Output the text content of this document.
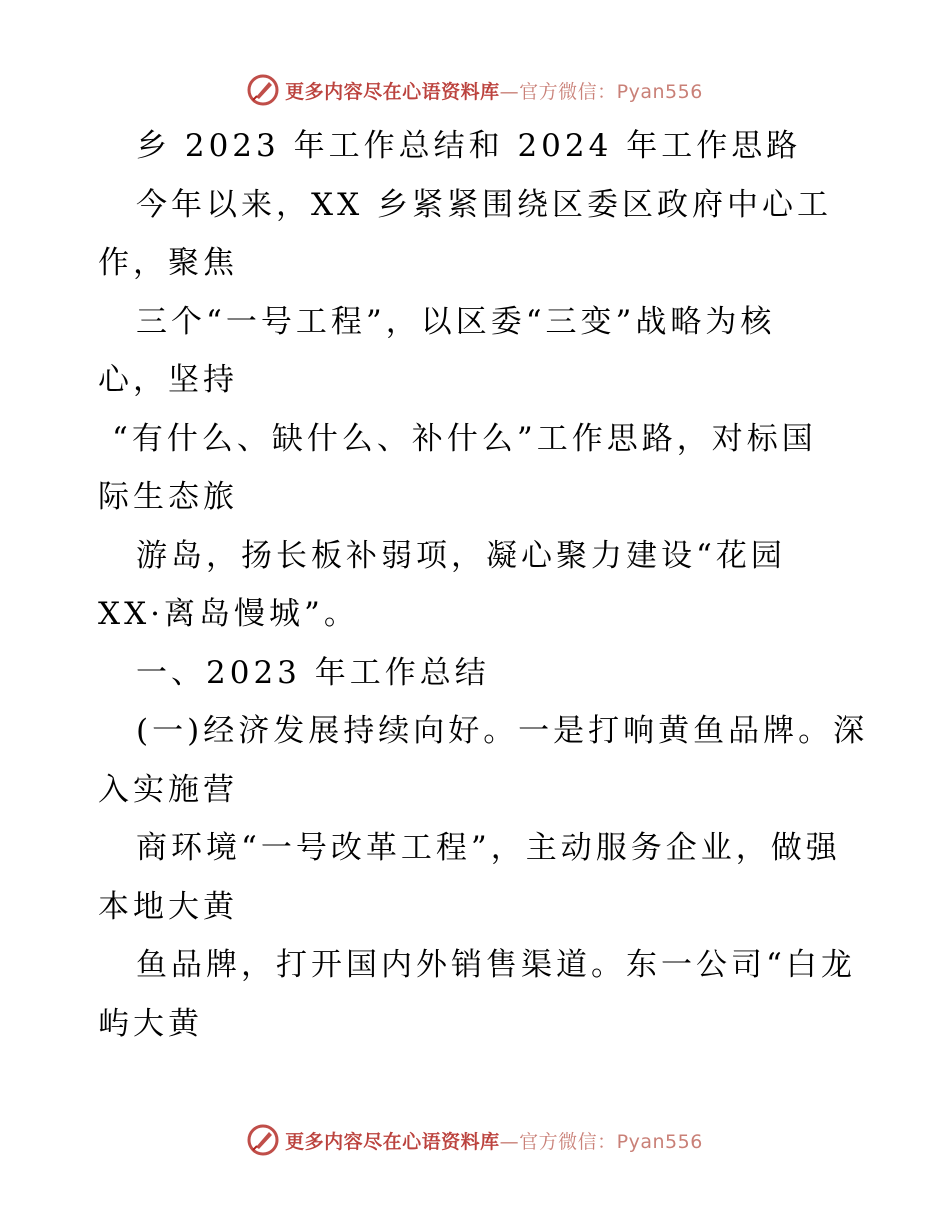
更多内容尽在心语资料库—官方微信：Pyan556
乡 2023 年工作总结和 2024 年工作思路
今年以来，XX 乡紧紧围绕区委区政府中心工
作，聚焦
三个“一号工程”，以区委“三变”战略为核
心，坚持
“有什么、缺什么、补什么”工作思路，对标国
际生态旅
游岛，扬长板补弱项，凝心聚力建设“花园
XX·离岛慢城”。
一、2023 年工作总结
(一)经济发展持续向好。一是打响黄鱼品牌。深
入实施营
商环境“一号改革工程”，主动服务企业，做强
本地大黄
鱼品牌，打开国内外销售渠道。东一公司“白龙
屿大黄
更多内容尽在心语资料库—官方微信：Pyan556
